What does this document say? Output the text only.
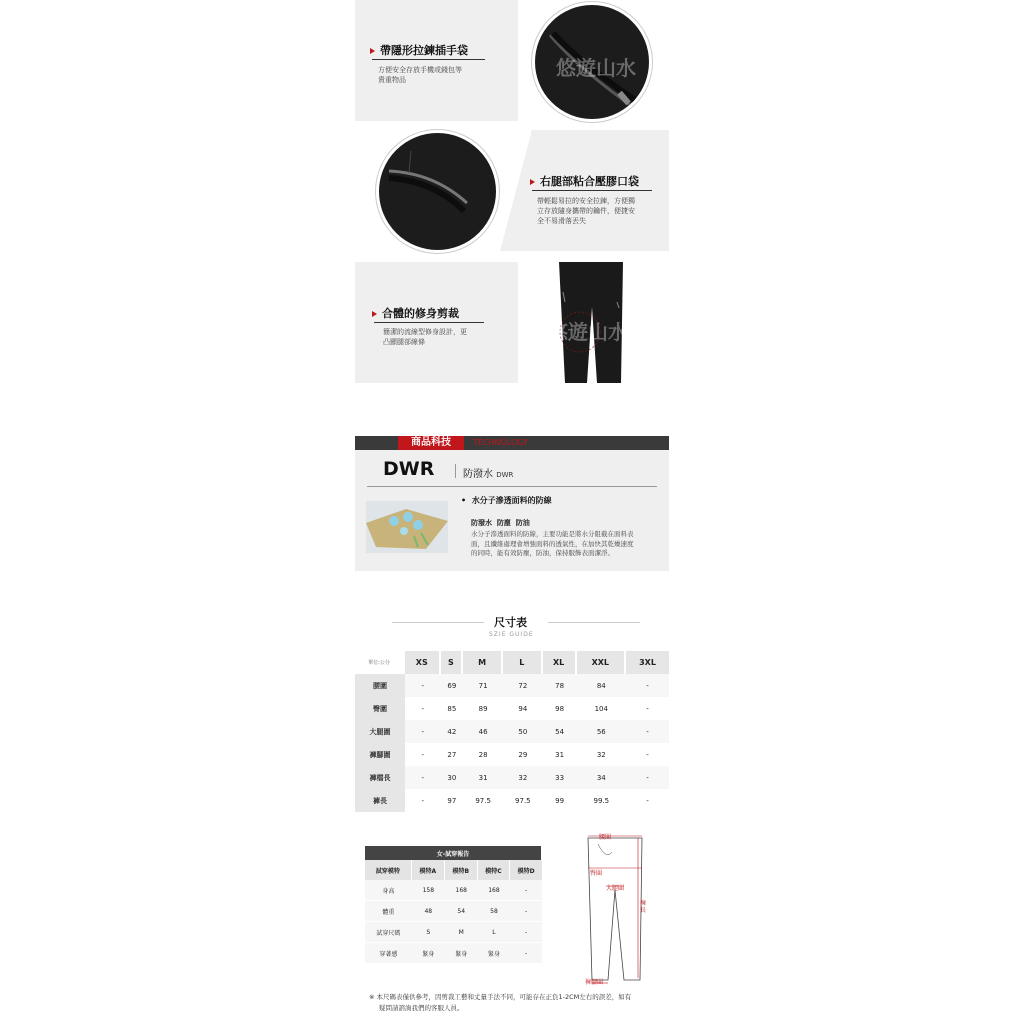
帶隱形拉鍊插手袋
方便安全存放手機或錢包等
貴重物品	悠遊山水
右腿部粘合壓膠口袋
帶輕鬆易拉的安全拉鍊，方便獨
立存放隨身攜帶的鑰件，便捷安
全不易滑落丟失
合體的修身剪裁
簡潔的流線型修身設計，更
凸顯腿部線條	悠遊山水
商品科技	TECHNOLOGY
DWR	防潑水 DWR
•  水分子滲透面料的防線
防潑水  防塵  防油
水分子滲透面料的防線，主要功能是將水分阻截在面料表
面，且纖維處理會增強面料的透氣性，在加快其乾燥速度
的同時，能有效防塵，防油，保持服飾表面潔淨。
尺寸表
SZIE GUIDE
單位:公分	XS	S	M	L	XL	XXL	3XL
腰圍	-	69	71	72	78	84	-
臀圍	-	85	89	94	98	104	-
大腿圍	-	42	46	50	54	56	-
褲腳圍	-	27	28	29	31	32	-
褲檔長	-	30	31	32	33	34	-
褲長	-	97	97.5	97.5	99	99.5	-
女-試穿報告				
試穿模特	模特A	模特B	模特C	模特D
身高	158	168	168	-
體重	48	54	58	-
試穿尺碼	S	M	L	-
穿著感	緊身	緊身	緊身	-
腰圍
臀圍
大腿圍
褲長
褲腳圍
※ 本尺碼表僅供參考，因剪裁工藝和丈量手法不同，可能存在正負1-2CM左右的誤差，如有
疑問請諮詢我們的客服人員。
